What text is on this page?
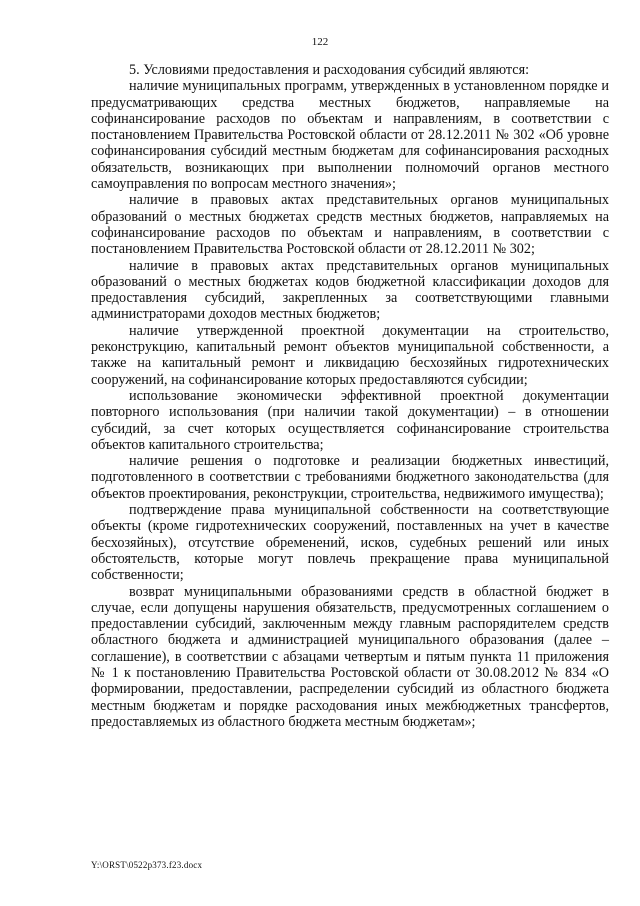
122

5. Условиями предоставления и расходования субсидий являются:

наличие муниципальных программ, утвержденных в установленном порядке и предусматривающих средства местных бюджетов, направляемые на софинансирование расходов по объектам и направлениям, в соответствии с постановлением Правительства Ростовской области от 28.12.2011 № 302 «Об уровне софинансирования субсидий местным бюджетам для софинансирования расходных обязательств, возникающих при выполнении полномочий органов местного самоуправления по вопросам местного значения»;

наличие в правовых актах представительных органов муниципальных образований о местных бюджетах средств местных бюджетов, направляемых на софинансирование расходов по объектам и направлениям, в соответствии с постановлением Правительства Ростовской области от 28.12.2011 № 302;

наличие в правовых актах представительных органов муниципальных образований о местных бюджетах кодов бюджетной классификации доходов для предоставления субсидий, закрепленных за соответствующими главными администраторами доходов местных бюджетов;

наличие утвержденной проектной документации на строительство, реконструкцию, капитальный ремонт объектов муниципальной собственности, а также на капитальный ремонт и ликвидацию бесхозяйных гидротехнических сооружений, на софинансирование которых предоставляются субсидии;

использование экономически эффективной проектной документации повторного использования (при наличии такой документации) – в отношении субсидий, за счет которых осуществляется софинансирование строительства объектов капитального строительства;

наличие решения о подготовке и реализации бюджетных инвестиций, подготовленного в соответствии с требованиями бюджетного законодательства (для объектов проектирования, реконструкции, строительства, недвижимого имущества);

подтверждение права муниципальной собственности на соответствующие объекты (кроме гидротехнических сооружений, поставленных на учет в качестве бесхозяйных), отсутствие обременений, исков, судебных решений или иных обстоятельств, которые могут повлечь прекращение права муниципальной собственности;

возврат муниципальными образованиями средств в областной бюджет в случае, если допущены нарушения обязательств, предусмотренных соглашением о предоставлении субсидий, заключенным между главным распорядителем средств областного бюджета и администрацией муниципального образования (далее – соглашение), в соответствии с абзацами четвертым и пятым пункта 11 приложения № 1 к постановлению Правительства Ростовской области от 30.08.2012 № 834 «О формировании, предоставлении, распределении субсидий из областного бюджета местным бюджетам и порядке расходования иных межбюджетных трансфертов, предоставляемых из областного бюджета местным бюджетам»;

Y:\ORST\0522p373.f23.docx
